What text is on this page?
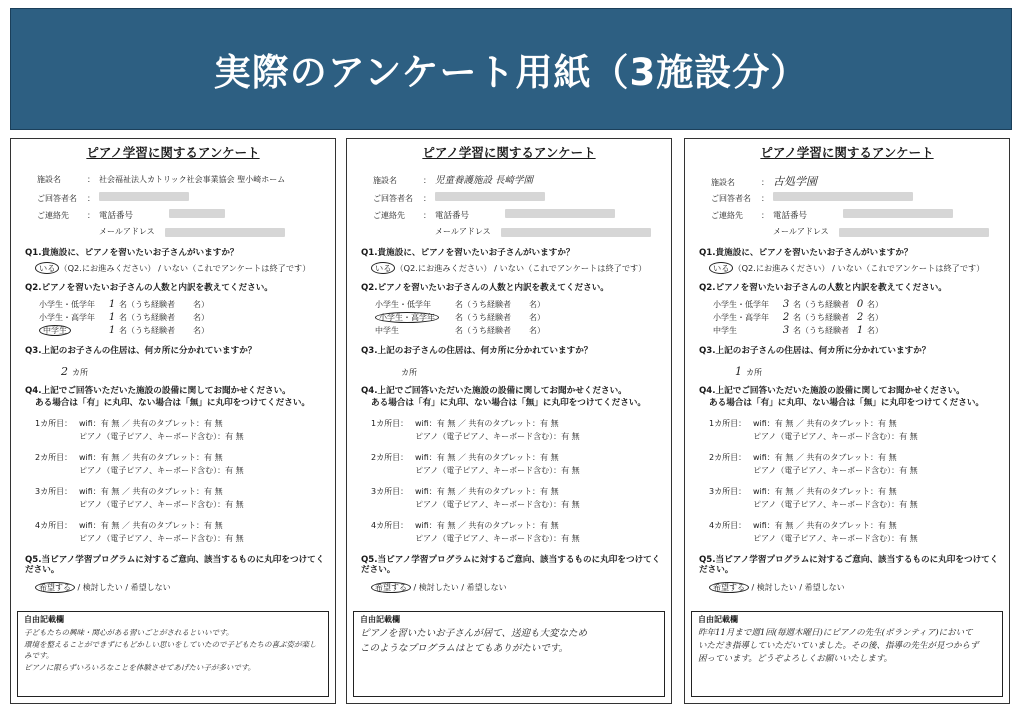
実際のアンケート用紙（3施設分）
ピアノ学習に関するアンケート
施設名	： 社会福祉法人カトリック社会事業協会 聖小崎ホーム
ご回答者名	：
ご連絡先	： 電話番号
メールアドレス
Q1.貴施設に、ピアノを習いたいお子さんがいますか？
いる （Q2.にお進みください） / いない（これでアンケートは終了です）
Q2.ピアノを習いたいお子さんの人数と内訳を教えてください。
小学生・低学年	1 名（うち経験者	名）
小学生・高学年	1 名（うち経験者	名）
中学生	1 名（うち経験者	名）
Q3.上記のお子さんの住居は、何カ所に分かれていますか？
2 カ所
Q4.上記でご回答いただいた施設の設備に関してお聞かせください。
ある場合は「有」に丸印、ない場合は「無」に丸印をつけてください。
1カ所目： wifi：有 無 ／ 共有のタブレット：有 無
ピアノ（電子ピアノ、キーボード含む）：有 無
2カ所目： wifi：有 無 ／ 共有のタブレット：有 無
ピアノ（電子ピアノ、キーボード含む）：有 無
3カ所目： wifi：有 無 ／ 共有のタブレット：有 無
ピアノ（電子ピアノ、キーボード含む）：有 無
4カ所目： wifi：有 無 ／ 共有のタブレット：有 無
ピアノ（電子ピアノ、キーボード含む）：有 無
Q5.当ピアノ学習プログラムに対するご意向、該当するものに丸印をつけてください。
希望する / 検討したい / 希望しない
自由記載欄
子どもたちの興味・関心がある習いごとがされるといいです。
環境を整えることができずにもどかしい思いをしていたので子どもたちの喜ぶ姿が楽しみです。
ピアノに限らずいろいろなことを体験させてあげたい子が多いです。
ピアノ学習に関するアンケート
施設名	： 児童養護施設 長崎学園
ご回答者名	：
ご連絡先	： 電話番号
メールアドレス
Q1.貴施設に、ピアノを習いたいお子さんがいますか？
いる （Q2.にお進みください） / いない（これでアンケートは終了です）
Q2.ピアノを習いたいお子さんの人数と内訳を教えてください。
小学生・低学年	名（うち経験者	名）
小学生・高学年	名（うち経験者	名）
中学生	名（うち経験者	名）
Q3.上記のお子さんの住居は、何カ所に分かれていますか？
カ所
Q4.上記でご回答いただいた施設の設備に関してお聞かせください。
ある場合は「有」に丸印、ない場合は「無」に丸印をつけてください。
1カ所目： wifi：有 無 ／ 共有のタブレット：有 無
ピアノ（電子ピアノ、キーボード含む）：有 無
2カ所目： wifi：有 無 ／ 共有のタブレット：有 無
ピアノ（電子ピアノ、キーボード含む）：有 無
3カ所目： wifi：有 無 ／ 共有のタブレット：有 無
ピアノ（電子ピアノ、キーボード含む）：有 無
4カ所目： wifi：有 無 ／ 共有のタブレット：有 無
ピアノ（電子ピアノ、キーボード含む）：有 無
Q5.当ピアノ学習プログラムに対するご意向、該当するものに丸印をつけてください。
希望する / 検討したい / 希望しない
自由記載欄
ピアノを習いたいお子さんが居て、送迎も大変なため
このようなプログラムはとてもありがたいです。
ピアノ学習に関するアンケート
施設名	： 古処学園
ご回答者名	：
ご連絡先	： 電話番号
メールアドレス
Q1.貴施設に、ピアノを習いたいお子さんがいますか？
いる （Q2.にお進みください） / いない（これでアンケートは終了です）
Q2.ピアノを習いたいお子さんの人数と内訳を教えてください。
小学生・低学年	3 名（うち経験者 0 名）
小学生・高学年	2 名（うち経験者 2 名）
中学生	3 名（うち経験者 1 名）
Q3.上記のお子さんの住居は、何カ所に分かれていますか？
1 カ所
Q4.上記でご回答いただいた施設の設備に関してお聞かせください。
ある場合は「有」に丸印、ない場合は「無」に丸印をつけてください。
1カ所目： wifi：有 無 ／ 共有のタブレット：有 無
ピアノ（電子ピアノ、キーボード含む）：有 無
2カ所目： wifi：有 無 ／ 共有のタブレット：有 無
ピアノ（電子ピアノ、キーボード含む）：有 無
3カ所目： wifi：有 無 ／ 共有のタブレット：有 無
ピアノ（電子ピアノ、キーボード含む）：有 無
4カ所目： wifi：有 無 ／ 共有のタブレット：有 無
ピアノ（電子ピアノ、キーボード含む）：有 無
Q5.当ピアノ学習プログラムに対するご意向、該当するものに丸印をつけてください。
希望する / 検討したい / 希望しない
自由記載欄
昨年11月まで週1回(毎週木曜日)にピアノの先生(ボランティア)において
いただき指導していただいていました。その後、指導の先生が見つからず
困っています。どうぞよろしくお願いいたします。
